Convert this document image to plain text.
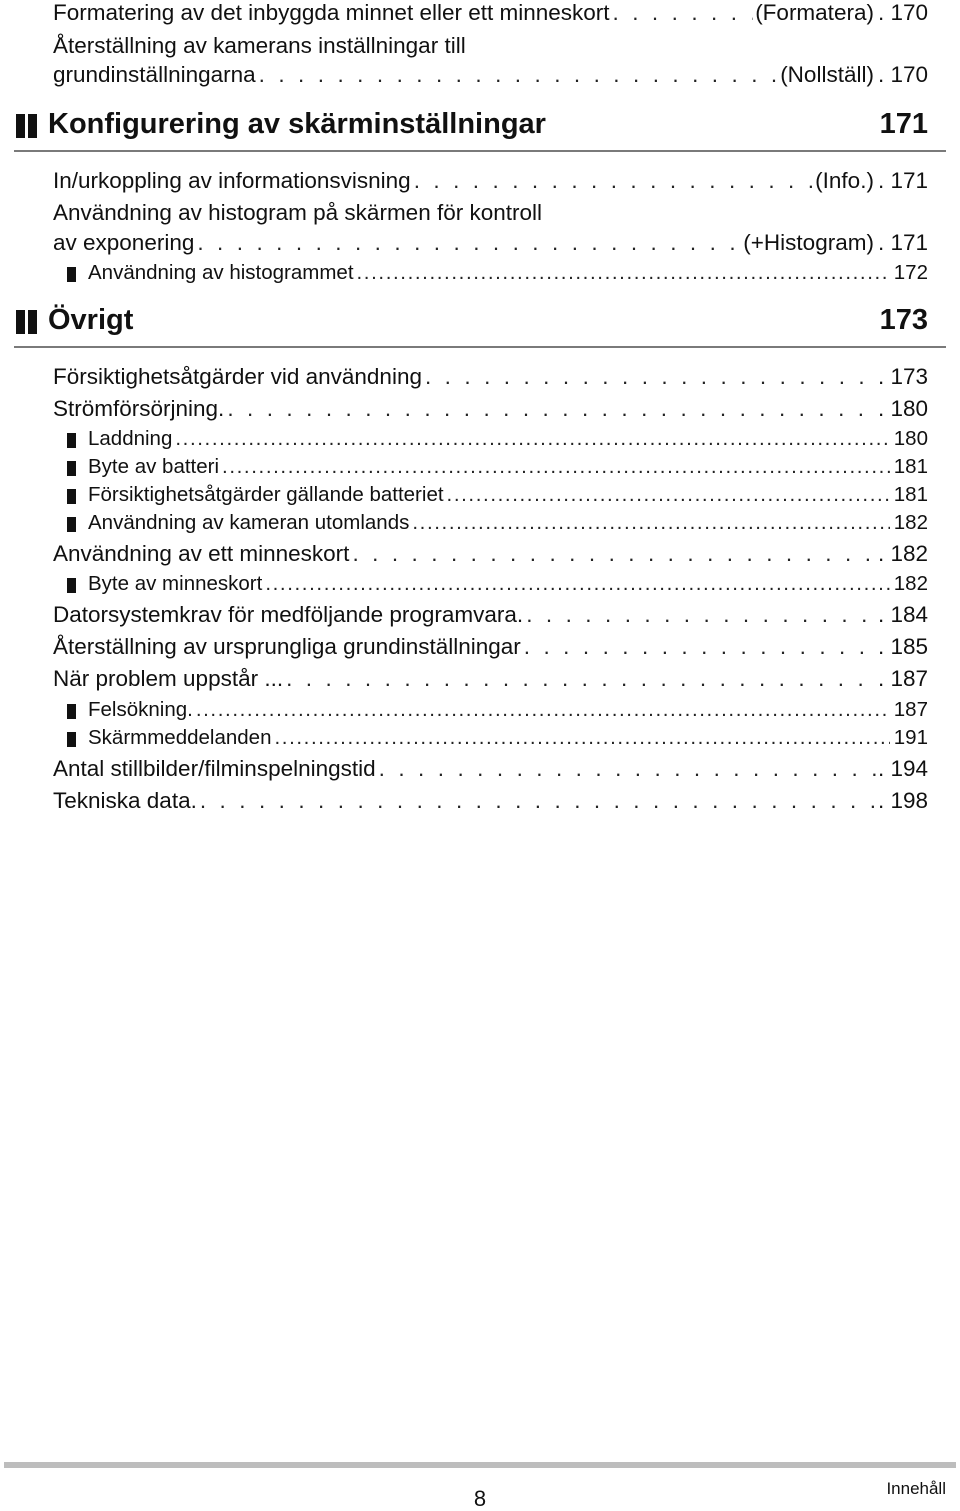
Formatering av det inbyggda minnet eller ett minneskort . . .	(Formatera) . 170
Återställning av kamerans inställningar till
grundinställningarna . . .	(Nollställ) . 170
Konfigurering av skärminställningar	171
In/urkoppling av informationsvisning . . .	(Info.) . 171
Användning av histogram på skärmen för kontroll
av exponering . . .	(+Histogram) . 171
Användning av histogrammet .....	172
Övrigt	173
Försiktighetsåtgärder vid användning . . .	. 173
Strömförsörjning. . . .	. 180
Laddning .....	180
Byte av batteri .....	181
Försiktighetsåtgärder gällande batteriet .....	181
Användning av kameran utomlands .....	182
Användning av ett minneskort . . .	. 182
Byte av minneskort .....	182
Datorsystemkrav för medföljande programvara. . . .	. 184
Återställning av ursprungliga grundinställningar . . .	. 185
När problem uppstår ... . . .	. 187
Felsökning. .....	187
Skärmmeddelanden .....	191
Antal stillbilder/filminspelningstid . . .	. 194
Tekniska data. . . .	. 198
8	Innehåll
